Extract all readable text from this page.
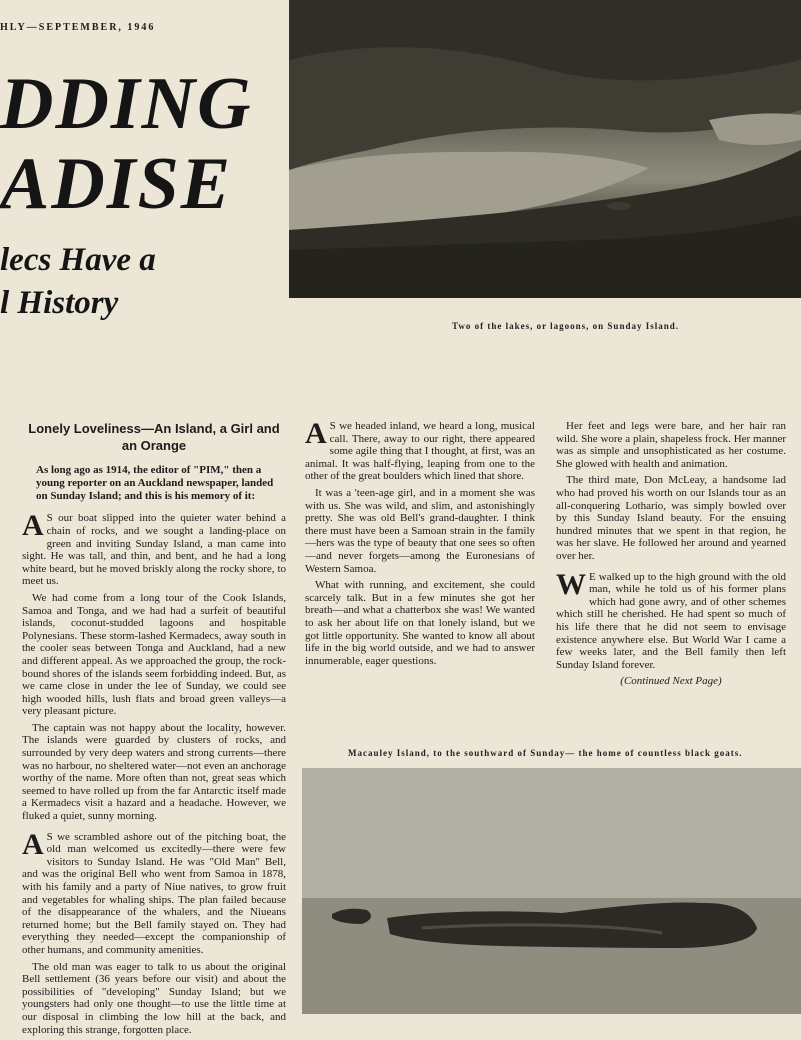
HLY—SEPTEMBER, 1946
DDING
ADISE
lecs Have a
l History
Two of the lakes, or lagoons, on Sunday Island.
Lonely Loveliness—An Island, a Girl and an Orange
As long ago as 1914, the editor of "PIM," then a young reporter on an Auckland newspaper, landed on Sunday Island; and this is his memory of it:

A S our boat slipped into the quieter water behind a chain of rocks, and we sought a landing-place on green and inviting Sunday Island, a man came into sight. He was tall, and thin, and bent, and he had a long white beard, but he moved briskly along the rocky shore, to meet us.

We had come from a long tour of the Cook Islands, Samoa and Tonga, and we had had a surfeit of beautiful islands, coconut-studded lagoons and hospitable Polynesians. These storm-lashed Kermadecs, away south in the cooler seas between Tonga and Auckland, had a new and different appeal. As we approached the group, the rock-bound shores of the islands seem forbidding indeed. But, as we came close in under the lee of Sunday, we could see high wooded hills, lush flats and broad green valleys—a very pleasant picture.

The captain was not happy about the locality, however. The islands were guarded by clusters of rocks, and surrounded by very deep waters and strong currents—there was no harbour, no sheltered water—not even an anchorage worthy of the name. More often than not, great seas which seemed to have rolled up from the far Antarctic itself made a Kermadecs visit a hazard and a headache. However, we fluked a quiet, sunny morning.

A S we scrambled ashore out of the pitching boat, the old man welcomed us excitedly—there were few visitors to Sunday Island. He was "Old Man" Bell, and was the original Bell who went from Samoa in 1878, with his family and a party of Niue natives, to grow fruit and vegetables for whaling ships. The plan failed because of the disappearance of the whalers, and the Niueans returned home; but the Bell family stayed on. They had everything they needed—except the companionship of other humans, and community amenities.

The old man was eager to talk to us about the original Bell settlement (36 years before our visit) and about the possibilities of "developing" Sunday Island; but we youngsters had only one thought—to use the little time at our disposal in climbing the low hill at the back, and exploring this strange, forgotten place.

A S we headed inland, we heard a long, musical call. There, away to our right, there appeared some agile thing that I thought, at first, was an animal. It was half-flying, leaping from one to the other of the great boulders which lined that shore.

It was a 'teen-age girl, and in a moment she was with us. She was wild, and slim, and astonishingly pretty. She was old Bell's grand-daughter. I think there must have been a Samoan strain in the family—hers was the type of beauty that one sees so often—and never forgets—among the Euronesians of Western Samoa.

What with running, and excitement, she could scarcely talk. But in a few minutes she got her breath—and what a chatterbox she was! We wanted to ask her about life on that lonely island, but we got little opportunity. She wanted to know all about life in the big world outside, and we had to answer innumerable, eager questions.

Her feet and legs were bare, and her hair ran wild. She wore a plain, shapeless frock. Her manner was as simple and unsophisticated as her costume. She glowed with health and animation.

The third mate, Don McLeay, a handsome lad who had proved his worth on our Islands tour as an all-conquering Lothario, was simply bowled over by this Sunday Island beauty. For the ensuing hundred minutes that we spent in that region, he was her slave. He followed her around and yearned over her.

W E walked up to the high ground with the old man, while he told us of his former plans which had gone awry, and of other schemes which still he cherished. He had spent so much of his life there that he did not seem to envisage existence anywhere else. But World War I came a few weeks later, and the Bell family then left Sunday Island forever.

(Continued Next Page)
Macauley Island, to the southward of Sunday— the home of countless black goats.
